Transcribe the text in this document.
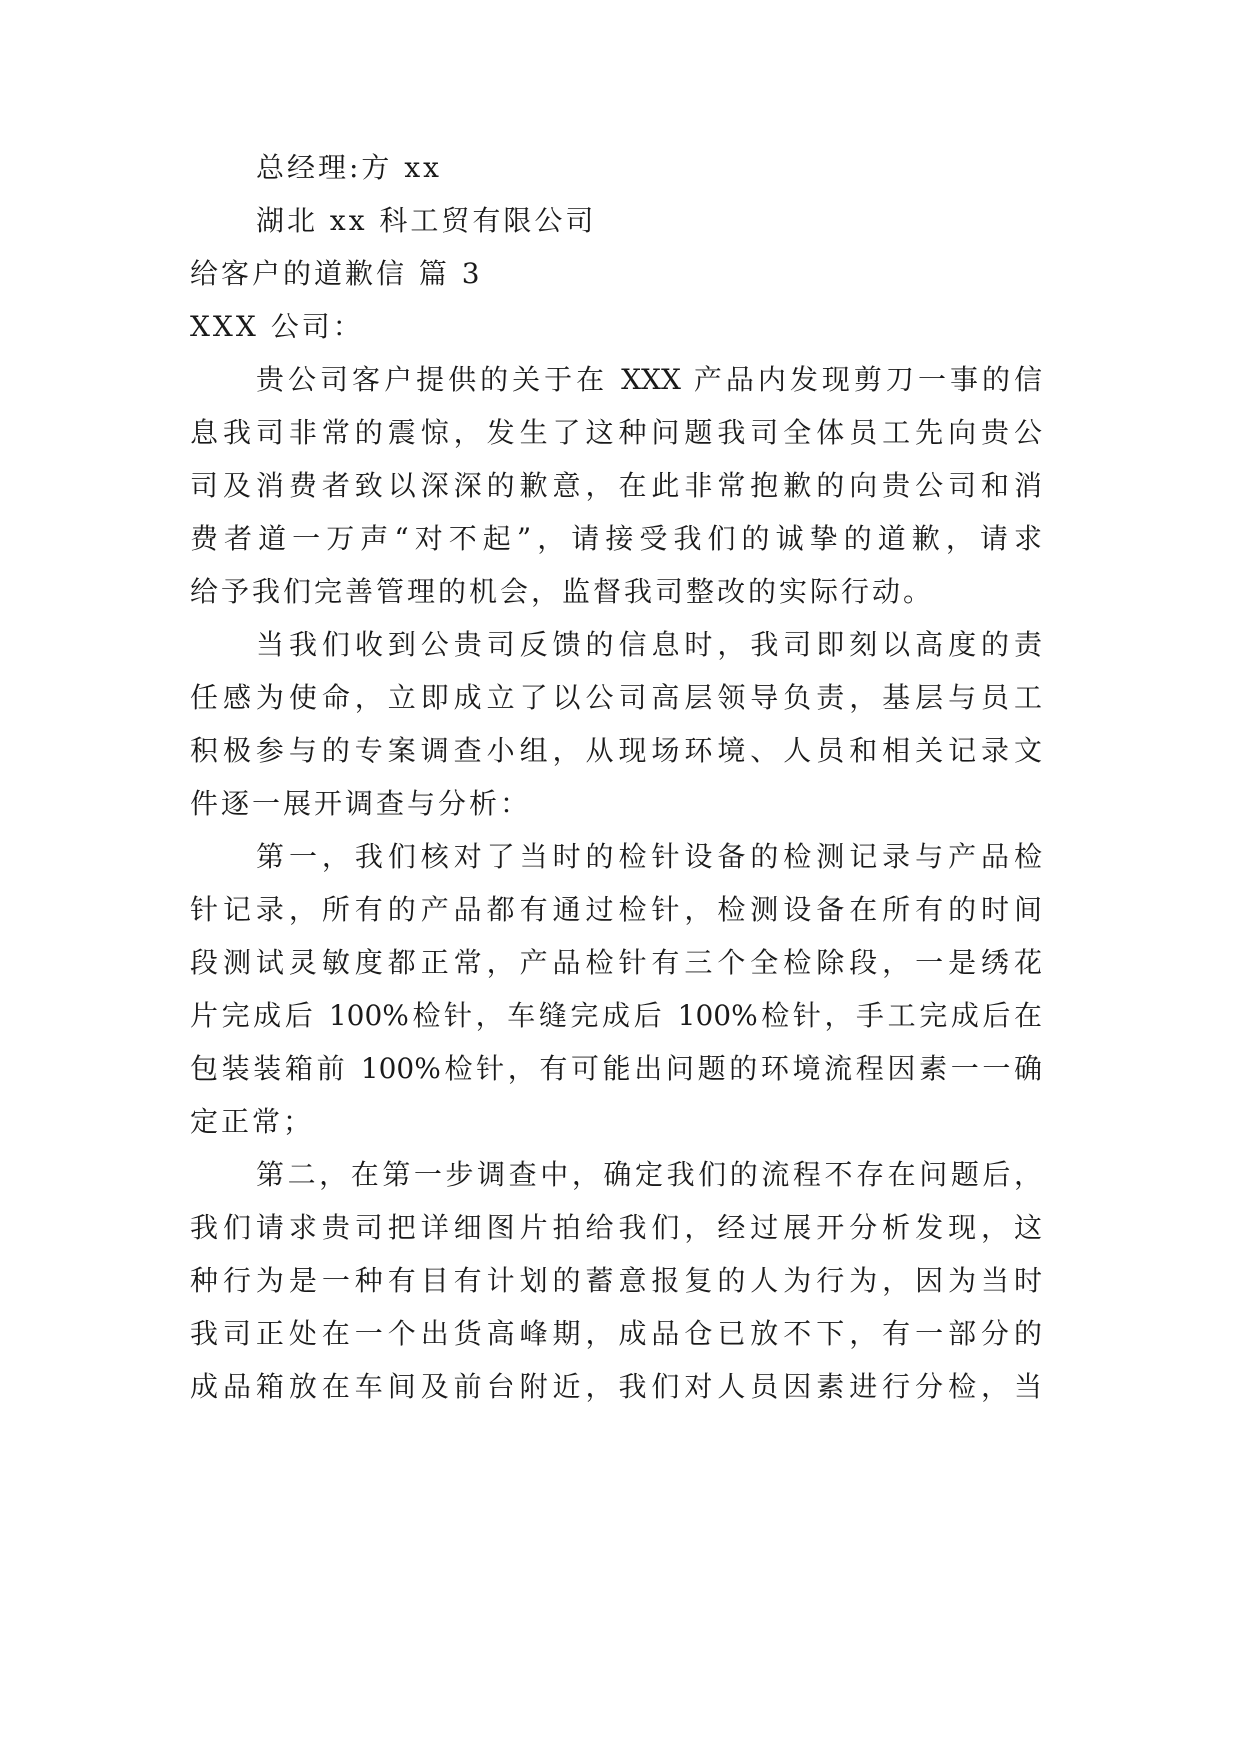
总经理:方 xx
湖北 xx 科工贸有限公司
给客户的道歉信 篇 3
XXX 公司：
贵公司客户提供的关于在 XXX 产品内发现剪刀一事的信
息我司非常的震惊，发生了这种问题我司全体员工先向贵公
司及消费者致以深深的歉意，在此非常抱歉的向贵公司和消
费者道一万声“对不起”，请接受我们的诚挚的道歉，请求
给予我们完善管理的机会，监督我司整改的实际行动。
当我们收到公贵司反馈的信息时，我司即刻以高度的责
任感为使命，立即成立了以公司高层领导负责，基层与员工
积极参与的专案调查小组，从现场环境、人员和相关记录文
件逐一展开调查与分析：
第一，我们核对了当时的检针设备的检测记录与产品检
针记录，所有的产品都有通过检针，检测设备在所有的时间
段测试灵敏度都正常，产品检针有三个全检除段，一是绣花
片完成后 100%检针，车缝完成后 100%检针，手工完成后在
包装装箱前 100%检针，有可能出问题的环境流程因素一一确
定正常；
第二，在第一步调查中，确定我们的流程不存在问题后，
我们请求贵司把详细图片拍给我们，经过展开分析发现，这
种行为是一种有目有计划的蓄意报复的人为行为，因为当时
我司正处在一个出货高峰期，成品仓已放不下，有一部分的
成品箱放在车间及前台附近，我们对人员因素进行分检，当
